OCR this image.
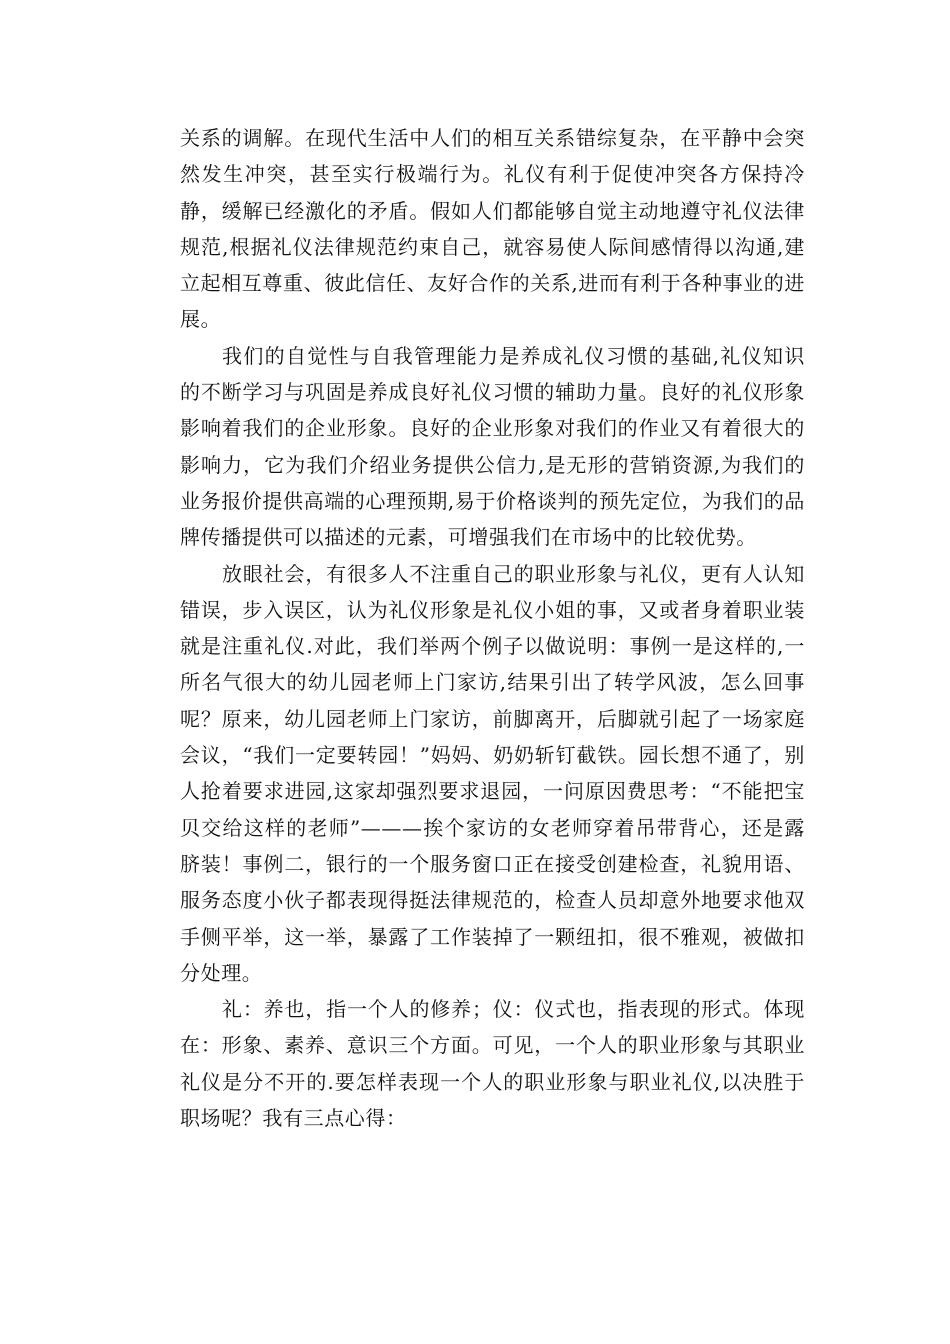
关系的调解。在现代生活中人们的相互关系错综复杂，在平静中会突然发生冲突，甚至实行极端行为。礼仪有利于促使冲突各方保持冷静，缓解已经激化的矛盾。假如人们都能够自觉主动地遵守礼仪法律规范,根据礼仪法律规范约束自己，就容易使人际间感情得以沟通,建立起相互尊重、彼此信任、友好合作的关系,进而有利于各种事业的进展。

我们的自觉性与自我管理能力是养成礼仪习惯的基础,礼仪知识的不断学习与巩固是养成良好礼仪习惯的辅助力量。良好的礼仪形象影响着我们的企业形象。良好的企业形象对我们的作业又有着很大的影响力，它为我们介绍业务提供公信力,是无形的营销资源,为我们的业务报价提供高端的心理预期,易于价格谈判的预先定位，为我们的品牌传播提供可以描述的元素，可增强我们在市场中的比较优势。

放眼社会，有很多人不注重自己的职业形象与礼仪，更有人认知错误，步入误区，认为礼仪形象是礼仪小姐的事，又或者身着职业装就是注重礼仪.对此，我们举两个例子以做说明：事例一是这样的,一所名气很大的幼儿园老师上门家访,结果引出了转学风波，怎么回事呢？原来，幼儿园老师上门家访，前脚离开，后脚就引起了一场家庭会议，“我们一定要转园！”妈妈、奶奶斩钉截铁。园长想不通了，别人抢着要求进园,这家却强烈要求退园，一问原因费思考：“不能把宝贝交给这样的老师”———挨个家访的女老师穿着吊带背心，还是露脐装！事例二，银行的一个服务窗口正在接受创建检查，礼貌用语、服务态度小伙子都表现得挺法律规范的，检查人员却意外地要求他双手侧平举，这一举，暴露了工作装掉了一颗纽扣，很不雅观，被做扣分处理。

礼：养也，指一个人的修养；仪：仪式也，指表现的形式。体现在：形象、素养、意识三个方面。可见，一个人的职业形象与其职业礼仪是分不开的.要怎样表现一个人的职业形象与职业礼仪,以决胜于职场呢？我有三点心得：
